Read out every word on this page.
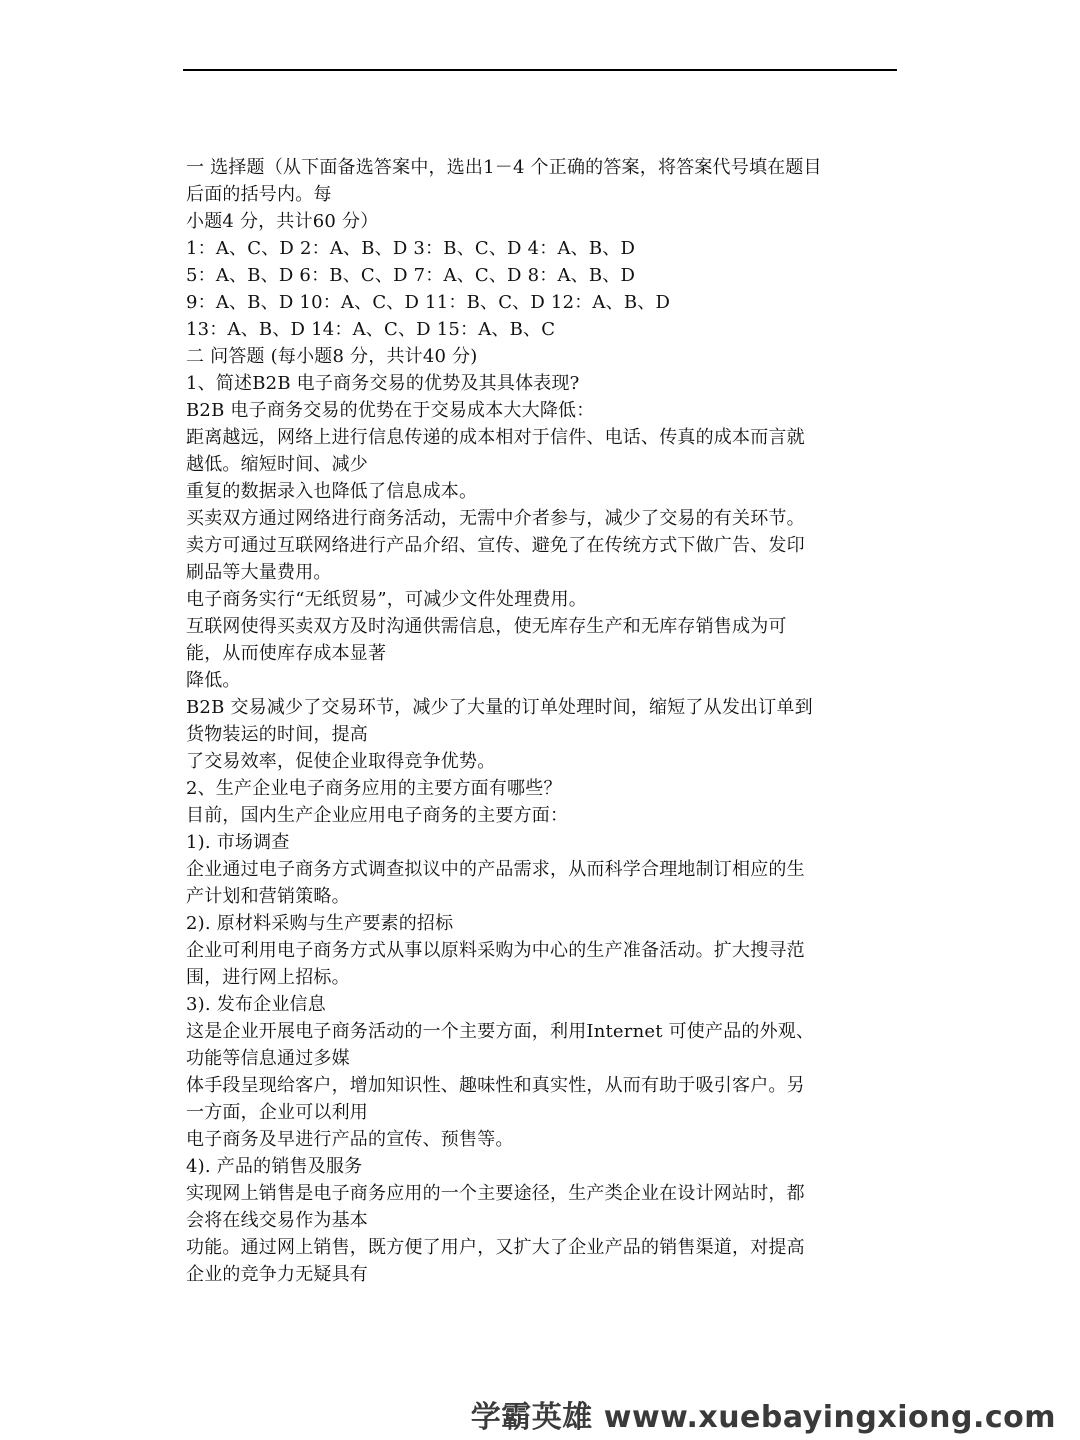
一 选择题（从下面备选答案中，选出1－4 个正确的答案，将答案代号填在题目
后面的括号内。每
小题4 分，共计60 分）
1：A、C、D 2：A、B、D 3：B、C、D 4：A、B、D
5：A、B、D 6：B、C、D 7：A、C、D 8：A、B、D
9：A、B、D 10：A、C、D 11：B、C、D 12：A、B、D
13：A、B、D 14：A、C、D 15：A、B、C
二 问答题 (每小题8 分，共计40 分)
1、简述B2B 电子商务交易的优势及其具体表现?
B2B 电子商务交易的优势在于交易成本大大降低：
距离越远，网络上进行信息传递的成本相对于信件、电话、传真的成本而言就
越低。缩短时间、减少
重复的数据录入也降低了信息成本。
买卖双方通过网络进行商务活动，无需中介者参与，减少了交易的有关环节。
卖方可通过互联网络进行产品介绍、宣传、避免了在传统方式下做广告、发印
刷品等大量费用。
电子商务实行“无纸贸易”，可减少文件处理费用。
互联网使得买卖双方及时沟通供需信息，使无库存生产和无库存销售成为可
能，从而使库存成本显著
降低。
B2B 交易减少了交易环节，减少了大量的订单处理时间，缩短了从发出订单到
货物装运的时间，提高
了交易效率，促使企业取得竞争优势。
2、生产企业电子商务应用的主要方面有哪些？
目前，国内生产企业应用电子商务的主要方面：
1). 市场调查
企业通过电子商务方式调查拟议中的产品需求，从而科学合理地制订相应的生
产计划和营销策略。
2). 原材料采购与生产要素的招标
企业可利用电子商务方式从事以原料采购为中心的生产准备活动。扩大搜寻范
围，进行网上招标。
3). 发布企业信息
这是企业开展电子商务活动的一个主要方面，利用Internet 可使产品的外观、
功能等信息通过多媒
体手段呈现给客户，增加知识性、趣味性和真实性，从而有助于吸引客户。另
一方面，企业可以利用
电子商务及早进行产品的宣传、预售等。
4). 产品的销售及服务
实现网上销售是电子商务应用的一个主要途径，生产类企业在设计网站时，都
会将在线交易作为基本
功能。通过网上销售，既方便了用户，又扩大了企业产品的销售渠道，对提高
企业的竞争力无疑具有
学霸英雄 www.xuebayingxiong.com
